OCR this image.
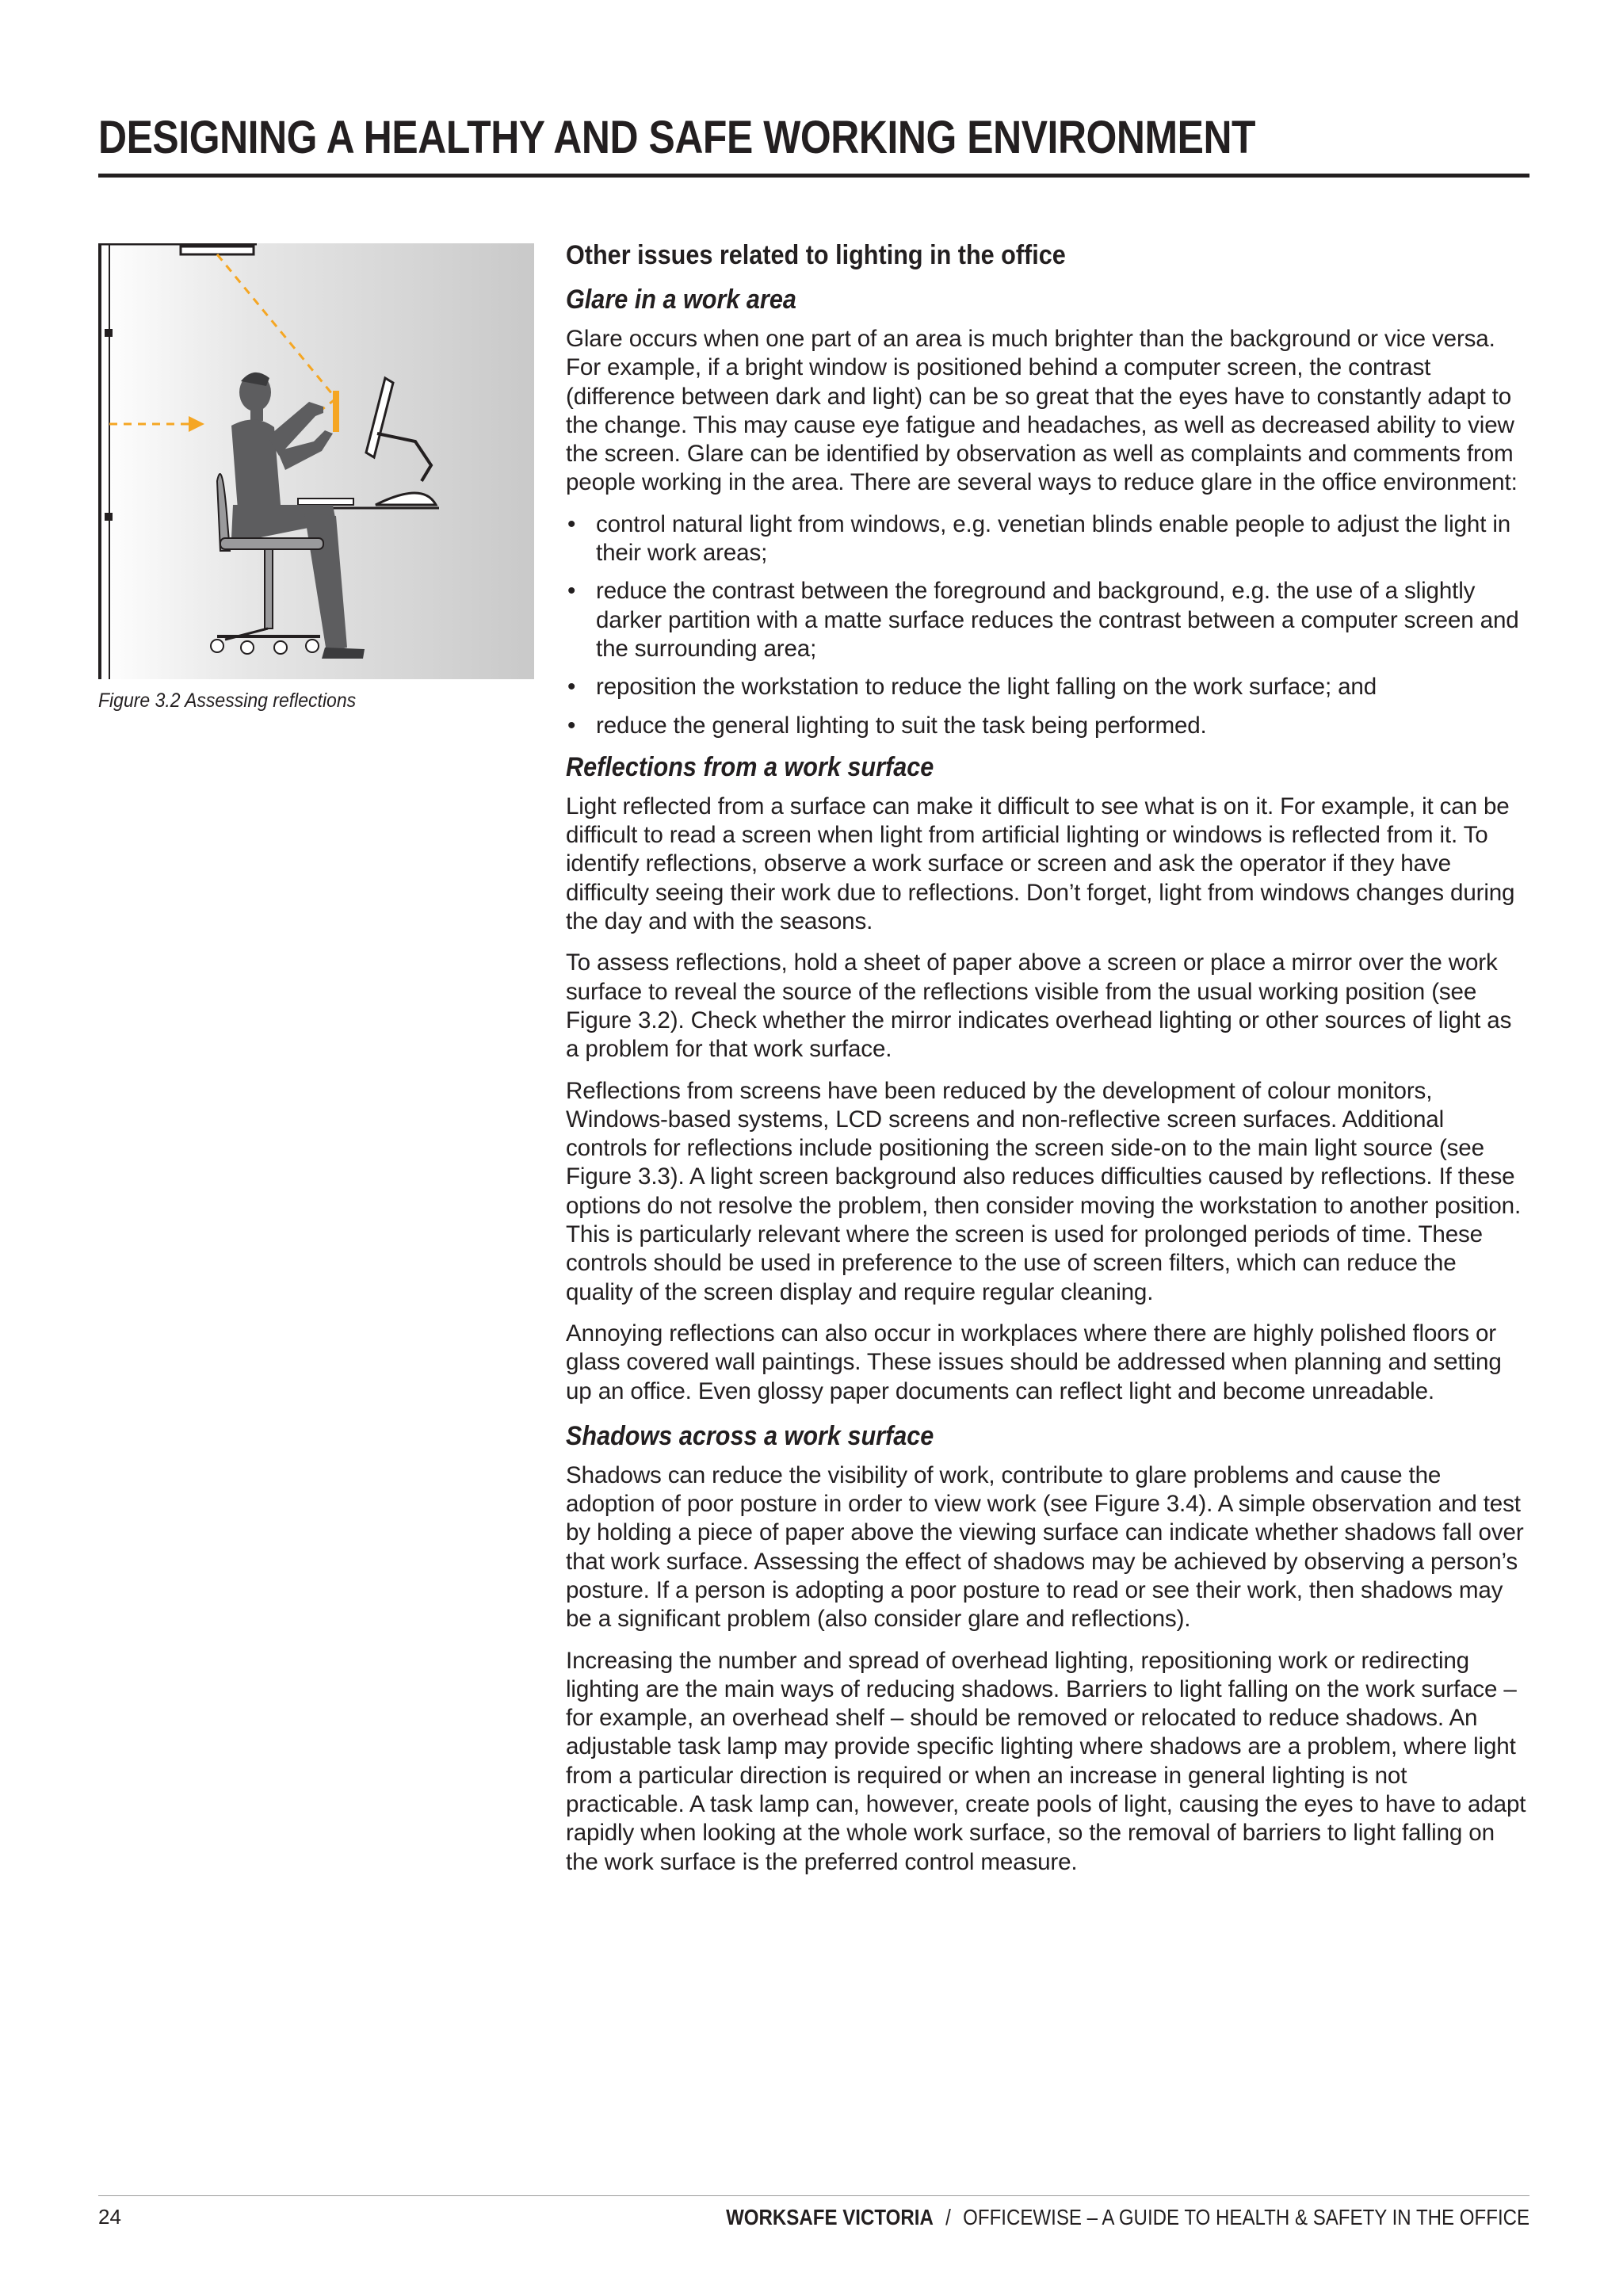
DESIGNING A HEALTHY AND SAFE WORKING ENVIRONMENT
Figure 3.2 Assessing reflections
Other issues related to lighting in the office
Glare in a work area

Glare occurs when one part of an area is much brighter than the background or vice versa. For example, if a bright window is positioned behind a computer screen, the contrast (difference between dark and light) can be so great that the eyes have to constantly adapt to the change. This may cause eye fatigue and headaches, as well as decreased ability to view the screen. Glare can be identified by observation as well as complaints and comments from people working in the area. There are several ways to reduce glare in the office environment:

• control natural light from windows, e.g. venetian blinds enable people to adjust the light in their work areas;
• reduce the contrast between the foreground and background, e.g. the use of a slightly darker partition with a matte surface reduces the contrast between a computer screen and the surrounding area;
• reposition the workstation to reduce the light falling on the work surface; and
• reduce the general lighting to suit the task being performed.
Reflections from a work surface

Light reflected from a surface can make it difficult to see what is on it. For example, it can be difficult to read a screen when light from artificial lighting or windows is reflected from it. To identify reflections, observe a work surface or screen and ask the operator if they have difficulty seeing their work due to reflections. Don’t forget, light from windows changes during the day and with the seasons.

To assess reflections, hold a sheet of paper above a screen or place a mirror over the work surface to reveal the source of the reflections visible from the usual working position (see Figure 3.2). Check whether the mirror indicates overhead lighting or other sources of light as a problem for that work surface.

Reflections from screens have been reduced by the development of colour monitors, Windows-based systems, LCD screens and non-reflective screen surfaces. Additional controls for reflections include positioning the screen side-on to the main light source (see Figure 3.3). A light screen background also reduces difficulties caused by reflections. If these options do not resolve the problem, then consider moving the workstation to another position. This is particularly relevant where the screen is used for prolonged periods of time. These controls should be used in preference to the use of screen filters, which can reduce the quality of the screen display and require regular cleaning.

Annoying reflections can also occur in workplaces where there are highly polished floors or glass covered wall paintings. These issues should be addressed when planning and setting up an office. Even glossy paper documents can reflect light and become unreadable.

Shadows across a work surface

Shadows can reduce the visibility of work, contribute to glare problems and cause the adoption of poor posture in order to view work (see Figure 3.4). A simple observation and test by holding a piece of paper above the viewing surface can indicate whether shadows fall over that work surface. Assessing the effect of shadows may be achieved by observing a person’s posture. If a person is adopting a poor posture to read or see their work, then shadows may be a significant problem (also consider glare and reflections).

Increasing the number and spread of overhead lighting, repositioning work or redirecting lighting are the main ways of reducing shadows. Barriers to light falling on the work surface – for example, an overhead shelf – should be removed or relocated to reduce shadows. An adjustable task lamp may provide specific lighting where shadows are a problem, where light from a particular direction is required or when an increase in general lighting is not practicable. A task lamp can, however, create pools of light, causing the eyes to have to adapt rapidly when looking at the whole work surface, so the removal of barriers to light falling on the work surface is the preferred control measure.

24	WORKSAFE VICTORIA / OFFICEWISE – A GUIDE TO HEALTH & SAFETY IN THE OFFICE
